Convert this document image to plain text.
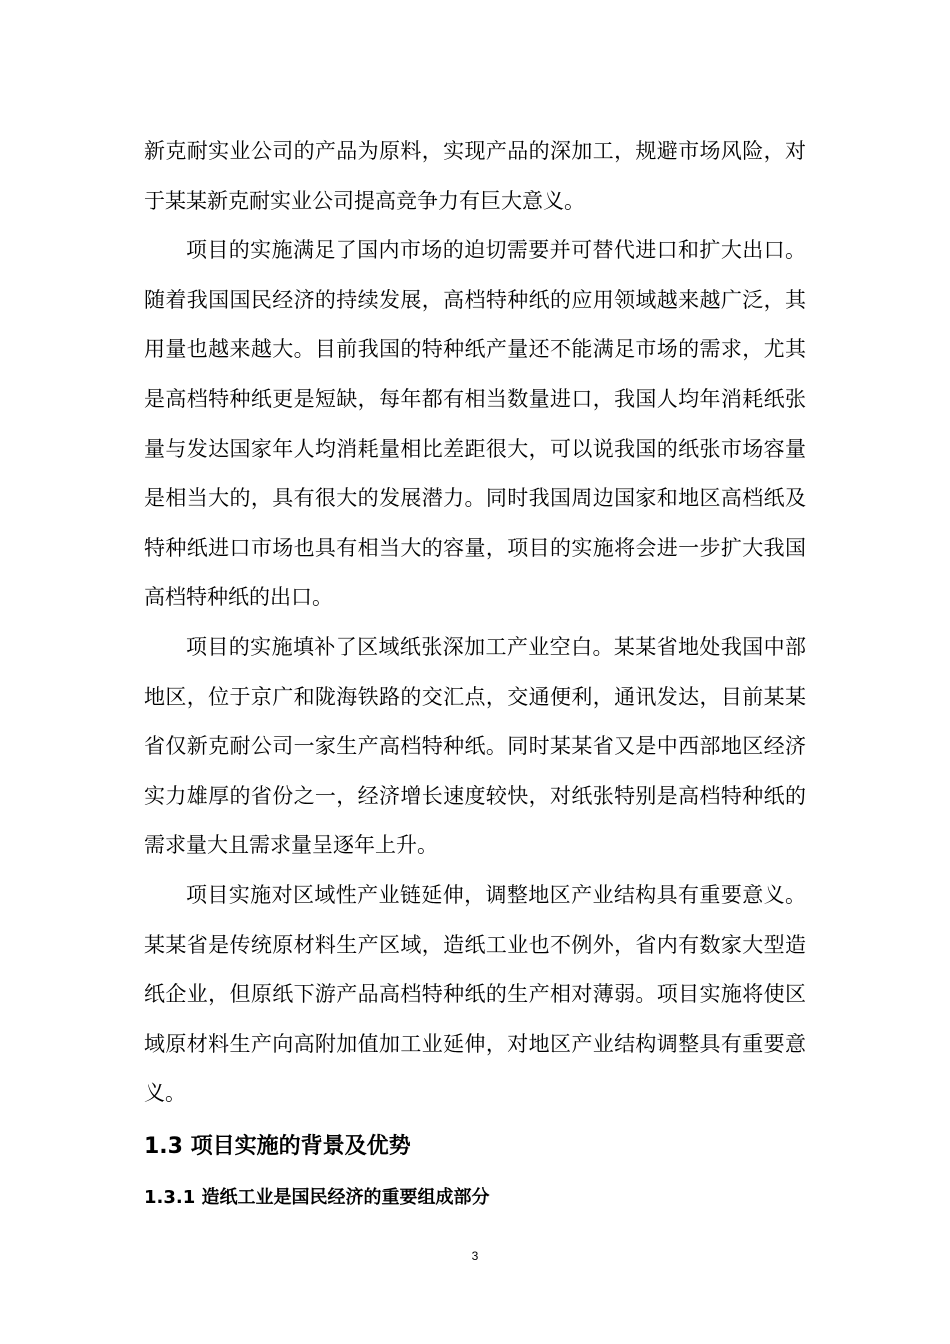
新克耐实业公司的产品为原料，实现产品的深加工，规避市场风险，对于某某新克耐实业公司提高竞争力有巨大意义。

项目的实施满足了国内市场的迫切需要并可替代进口和扩大出口。随着我国国民经济的持续发展，高档特种纸的应用领域越来越广泛，其用量也越来越大。目前我国的特种纸产量还不能满足市场的需求，尤其是高档特种纸更是短缺，每年都有相当数量进口，我国人均年消耗纸张量与发达国家年人均消耗量相比差距很大，可以说我国的纸张市场容量是相当大的，具有很大的发展潜力。同时我国周边国家和地区高档纸及特种纸进口市场也具有相当大的容量，项目的实施将会进一步扩大我国高档特种纸的出口。

项目的实施填补了区域纸张深加工产业空白。某某省地处我国中部地区，位于京广和陇海铁路的交汇点，交通便利，通讯发达，目前某某省仅新克耐公司一家生产高档特种纸。同时某某省又是中西部地区经济实力雄厚的省份之一，经济增长速度较快，对纸张特别是高档特种纸的需求量大且需求量呈逐年上升。

项目实施对区域性产业链延伸，调整地区产业结构具有重要意义。某某省是传统原材料生产区域，造纸工业也不例外，省内有数家大型造纸企业，但原纸下游产品高档特种纸的生产相对薄弱。项目实施将使区域原材料生产向高附加值加工业延伸，对地区产业结构调整具有重要意义。

1.3 项目实施的背景及优势
1.3.1 造纸工业是国民经济的重要组成部分
3
